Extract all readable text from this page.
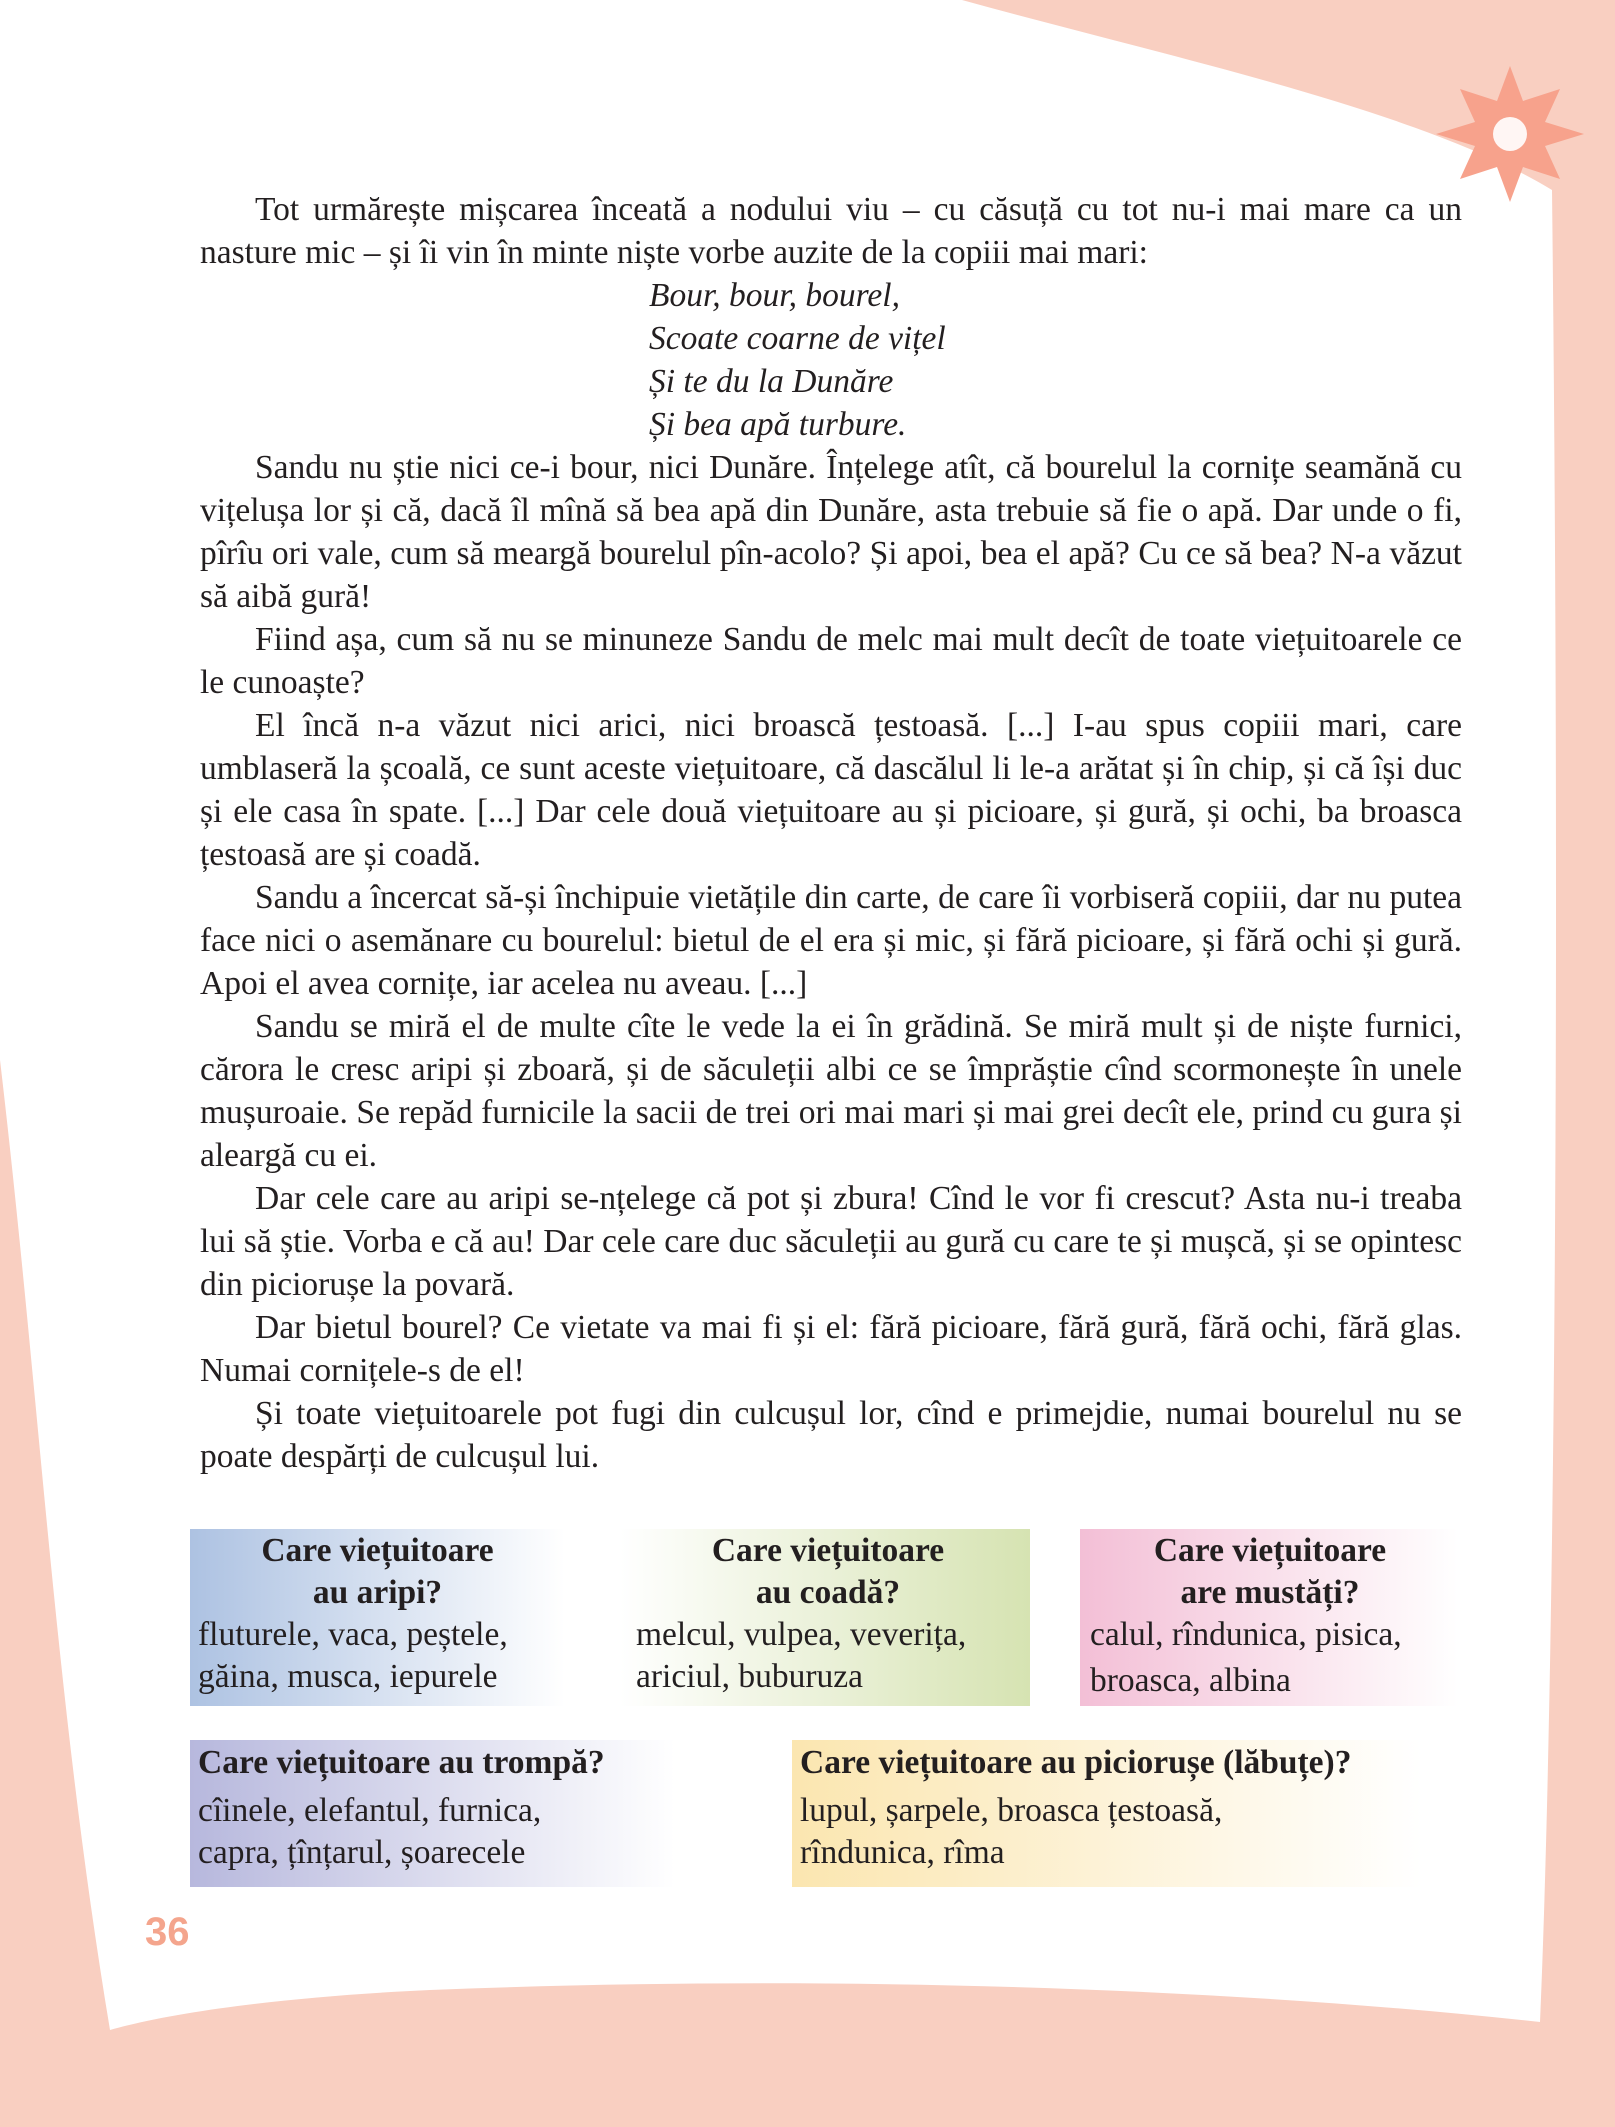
Tot urmărește mișcarea înceată a nodului viu – cu căsuță cu tot nu-i mai mare ca un nasture mic – și îi vin în minte niște vorbe auzite de la copiii mai mari:

Bour, bour, bourel,
Scoate coarne de vițel
Și te du la Dunăre
Și bea apă turbure.

Sandu nu știe nici ce-i bour, nici Dunăre. Înțelege atît, că bourelul la cornițe seamănă cu vițelușa lor și că, dacă îl mînă să bea apă din Dunăre, asta trebuie să fie o apă. Dar unde o fi, pîrîu ori vale, cum să meargă bourelul pîn-acolo? Și apoi, bea el apă? Cu ce să bea? N-a văzut să aibă gură!

Fiind așa, cum să nu se minuneze Sandu de melc mai mult decît de toate viețuitoarele ce le cunoaște?

El încă n-a văzut nici arici, nici broască țestoasă. [...] I-au spus copiii mari, care umblaseră la școală, ce sunt aceste viețuitoare, că dascălul li le-a arătat și în chip, și că își duc și ele casa în spate. [...] Dar cele două viețuitoare au și picioare, și gură, și ochi, ba broasca țestoasă are și coadă.

Sandu a încercat să-și închipuie vietățile din carte, de care îi vorbiseră copiii, dar nu putea face nici o asemănare cu bourelul: bietul de el era și mic, și fără picioare, și fără ochi și gură. Apoi el avea cornițe, iar acelea nu aveau. [...]

Sandu se miră el de multe cîte le vede la ei în grădină. Se miră mult și de niște furnici, cărora le cresc aripi și zboară, și de săculeții albi ce se împrăștie cînd scormonește în unele mușuroaie. Se repăd furnicile la sacii de trei ori mai mari și mai grei decît ele, prind cu gura și aleargă cu ei.

Dar cele care au aripi se-nțelege că pot și zbura! Cînd le vor fi crescut? Asta nu-i treaba lui să știe. Vorba e că au! Dar cele care duc săculeții au gură cu care te și mușcă, și se opintesc din piciorușe la povară.

Dar bietul bourel? Ce vietate va mai fi și el: fără picioare, fără gură, fără ochi, fără glas. Numai cornițele-s de el!

Și toate viețuitoarele pot fugi din culcușul lor, cînd e primejdie, numai bourelul nu se poate despărți de culcușul lui.

Care viețuitoare
au aripi?
fluturele, vaca, peștele,
găina, musca, iepurele
Care viețuitoare
au coadă?
melcul, vulpea, veverița,
ariciul, buburuza
Care viețuitoare
are mustăți?
calul, rîndunica, pisica,
broasca, albina
Care viețuitoare au trompă?
cîinele, elefantul, furnica,
capra, țînțarul, șoarecele
Care viețuitoare au piciorușe (lăbuțe)?
lupul, șarpele, broasca țestoasă,
rîndunica, rîma
36
